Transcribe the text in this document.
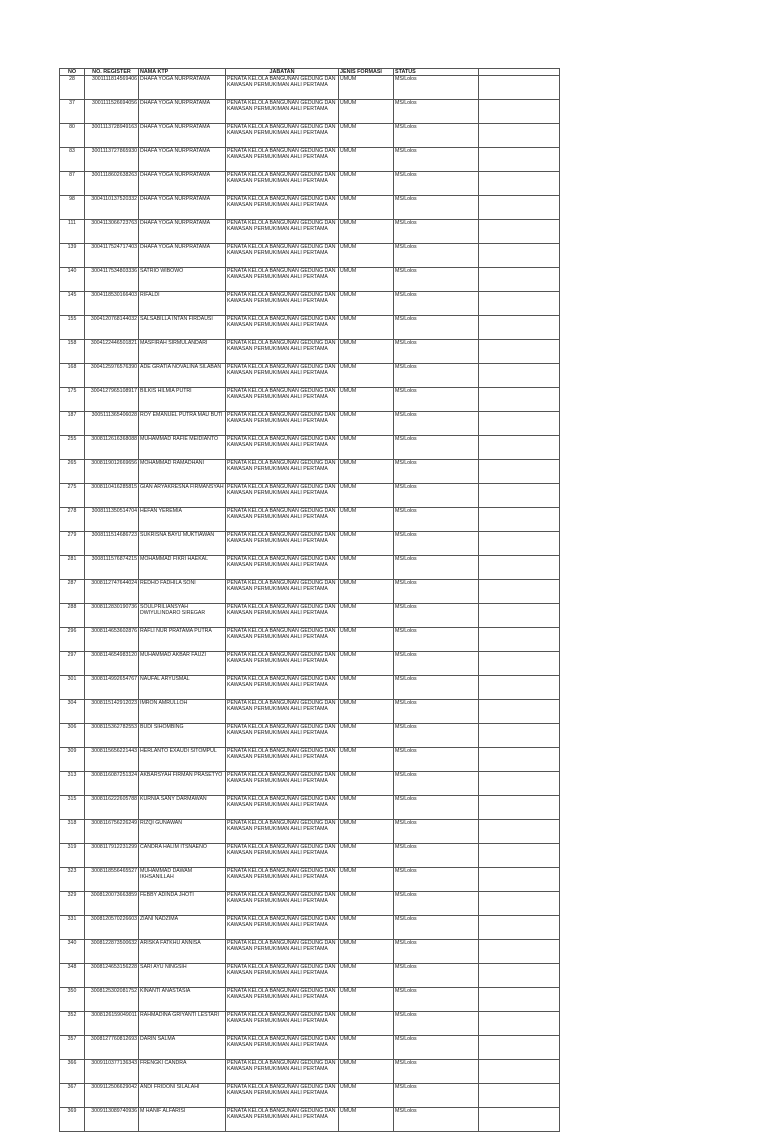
NO	NO. REGISTER	NAMA KTP	JABATAN	JENIS FORMASI	STATUS	
28	3001111814569406	DHAFA YOGA NURPRATAMA	PENATA KELOLA BANGUNAN GEDUNG DAN KAWASAN PERMUKIMAN AHLI PERTAMA	UMUM	MS/Lolos	
37	3001111526694056	DHAFA YOGA NURPRATAMA	PENATA KELOLA BANGUNAN GEDUNG DAN KAWASAN PERMUKIMAN AHLI PERTAMA	UMUM	MS/Lolos	
80	3001113728949163	DHAFA YOGA NURPRATAMA	PENATA KELOLA BANGUNAN GEDUNG DAN KAWASAN PERMUKIMAN AHLI PERTAMA	UMUM	MS/Lolos	
83	3001113727865930	DHAFA YOGA NURPRATAMA	PENATA KELOLA BANGUNAN GEDUNG DAN KAWASAN PERMUKIMAN AHLI PERTAMA	UMUM	MS/Lolos	
87	3001118602638263	DHAFA YOGA NURPRATAMA	PENATA KELOLA BANGUNAN GEDUNG DAN KAWASAN PERMUKIMAN AHLI PERTAMA	UMUM	MS/Lolos	
98	3004110137520332	DHAFA YOGA NURPRATAMA	PENATA KELOLA BANGUNAN GEDUNG DAN KAWASAN PERMUKIMAN AHLI PERTAMA	UMUM	MS/Lolos	
111	3004113066723763	DHAFA YOGA NURPRATAMA	PENATA KELOLA BANGUNAN GEDUNG DAN KAWASAN PERMUKIMAN AHLI PERTAMA	UMUM	MS/Lolos	
139	3004117524717403	DHAFA YOGA NURPRATAMA	PENATA KELOLA BANGUNAN GEDUNG DAN KAWASAN PERMUKIMAN AHLI PERTAMA	UMUM	MS/Lolos	
140	3004117534803336	SATRIO WIBOWO	PENATA KELOLA BANGUNAN GEDUNG DAN KAWASAN PERMUKIMAN AHLI PERTAMA	UMUM	MS/Lolos	
145	3004118530166403	RIFALDI	PENATA KELOLA BANGUNAN GEDUNG DAN KAWASAN PERMUKIMAN AHLI PERTAMA	UMUM	MS/Lolos	
155	3004120768144032	SALSABILLA INTAN FIRDAUSI	PENATA KELOLA BANGUNAN GEDUNG DAN KAWASAN PERMUKIMAN AHLI PERTAMA	UMUM	MS/Lolos	
158	3004122446501821	MASFIRAH SIRMULANDARI	PENATA KELOLA BANGUNAN GEDUNG DAN KAWASAN PERMUKIMAN AHLI PERTAMA	UMUM	MS/Lolos	
168	3004125976576390	ADE GRATIA NOVALINA SILABAN	PENATA KELOLA BANGUNAN GEDUNG DAN KAWASAN PERMUKIMAN AHLI PERTAMA	UMUM	MS/Lolos	
175	3004127965108917	BILKIS HILMIA PUTRI	PENATA KELOLA BANGUNAN GEDUNG DAN KAWASAN PERMUKIMAN AHLI PERTAMA	UMUM	MS/Lolos	
187	3005111365406028	ROY EMANUEL PUTRA MAU BUTI	PENATA KELOLA BANGUNAN GEDUNG DAN KAWASAN PERMUKIMAN AHLI PERTAMA	UMUM	MS/Lolos	
255	3008112616368088	MUHAMMAD RAFIE MEIDIANTO	PENATA KELOLA BANGUNAN GEDUNG DAN KAWASAN PERMUKIMAN AHLI PERTAMA	UMUM	MS/Lolos	
265	3008119012669656	MOHAMMAD RAMADHANI	PENATA KELOLA BANGUNAN GEDUNG DAN KAWASAN PERMUKIMAN AHLI PERTAMA	UMUM	MS/Lolos	
275	3008110416285815	GIAN ARYAKRESNA FIRMANSYAH	PENATA KELOLA BANGUNAN GEDUNG DAN KAWASAN PERMUKIMAN AHLI PERTAMA	UMUM	MS/Lolos	
278	3008111350514704	HEFAN YEREMIA	PENATA KELOLA BANGUNAN GEDUNG DAN KAWASAN PERMUKIMAN AHLI PERTAMA	UMUM	MS/Lolos	
279	3008111514686723	SUKRISNA BAYU MUKTIAWAN	PENATA KELOLA BANGUNAN GEDUNG DAN KAWASAN PERMUKIMAN AHLI PERTAMA	UMUM	MS/Lolos	
281	3008111576874215	MOHAMMAD FIKRI HAEKAL	PENATA KELOLA BANGUNAN GEDUNG DAN KAWASAN PERMUKIMAN AHLI PERTAMA	UMUM	MS/Lolos	
287	3008112747644024	REDHO FADHILA SONI	PENATA KELOLA BANGUNAN GEDUNG DAN KAWASAN PERMUKIMAN AHLI PERTAMA	UMUM	MS/Lolos	
288	3008112830190736	SOULPRILIANSYAH DWIYULINDARO SIREGAR	PENATA KELOLA BANGUNAN GEDUNG DAN KAWASAN PERMUKIMAN AHLI PERTAMA	UMUM	MS/Lolos	
296	3008114653602876	RAFLI NUR PRATAMA PUTRA	PENATA KELOLA BANGUNAN GEDUNG DAN KAWASAN PERMUKIMAN AHLI PERTAMA	UMUM	MS/Lolos	
297	3008114654983120	MUHAMMAD AKBAR FAUZI	PENATA KELOLA BANGUNAN GEDUNG DAN KAWASAN PERMUKIMAN AHLI PERTAMA	UMUM	MS/Lolos	
301	3008114992654767	NAUFAL ARYUSMAL	PENATA KELOLA BANGUNAN GEDUNG DAN KAWASAN PERMUKIMAN AHLI PERTAMA	UMUM	MS/Lolos	
304	3008115142912023	IMRON AMRULLOH	PENATA KELOLA BANGUNAN GEDUNG DAN KAWASAN PERMUKIMAN AHLI PERTAMA	UMUM	MS/Lolos	
306	3008115362782553	BUDI SIHOMBING	PENATA KELOLA BANGUNAN GEDUNG DAN KAWASAN PERMUKIMAN AHLI PERTAMA	UMUM	MS/Lolos	
309	3008115656221443	HERLANTO EXAUDI SITOMPUL	PENATA KELOLA BANGUNAN GEDUNG DAN KAWASAN PERMUKIMAN AHLI PERTAMA	UMUM	MS/Lolos	
313	3008116087251324	AKBARSYAH FIRMAN PRASETYO	PENATA KELOLA BANGUNAN GEDUNG DAN KAWASAN PERMUKIMAN AHLI PERTAMA	UMUM	MS/Lolos	
315	3008116222605788	KURNIA SANY DARMAWAN	PENATA KELOLA BANGUNAN GEDUNG DAN KAWASAN PERMUKIMAN AHLI PERTAMA	UMUM	MS/Lolos	
318	3008116756226249	RIZQI GUNAWAN	PENATA KELOLA BANGUNAN GEDUNG DAN KAWASAN PERMUKIMAN AHLI PERTAMA	UMUM	MS/Lolos	
319	3008117912231299	CANDRA HALIM ITSNAENO	PENATA KELOLA BANGUNAN GEDUNG DAN KAWASAN PERMUKIMAN AHLI PERTAMA	UMUM	MS/Lolos	
323	3008118556465527	MUHAMMAD DAWAM IKHSANILLAH	PENATA KELOLA BANGUNAN GEDUNG DAN KAWASAN PERMUKIMAN AHLI PERTAMA	UMUM	MS/Lolos	
329	3008120073663859	FEBBY ADINDA JHOTI	PENATA KELOLA BANGUNAN GEDUNG DAN KAWASAN PERMUKIMAN AHLI PERTAMA	UMUM	MS/Lolos	
331	3008120570226603	ZIANI NADZIMA	PENATA KELOLA BANGUNAN GEDUNG DAN KAWASAN PERMUKIMAN AHLI PERTAMA	UMUM	MS/Lolos	
340	3008122873500632	ARISKA FATKHU ANNISA	PENATA KELOLA BANGUNAN GEDUNG DAN KAWASAN PERMUKIMAN AHLI PERTAMA	UMUM	MS/Lolos	
348	3008124653156228	SARI AYU NINGSIH	PENATA KELOLA BANGUNAN GEDUNG DAN KAWASAN PERMUKIMAN AHLI PERTAMA	UMUM	MS/Lolos	
350	3008125302081752	KINANTI ANASTASIA	PENATA KELOLA BANGUNAN GEDUNG DAN KAWASAN PERMUKIMAN AHLI PERTAMA	UMUM	MS/Lolos	
352	3008126159049011	RAHMADINA GRIYANTI LESTARI	PENATA KELOLA BANGUNAN GEDUNG DAN KAWASAN PERMUKIMAN AHLI PERTAMA	UMUM	MS/Lolos	
357	3008127760812693	DARIN SALMA	PENATA KELOLA BANGUNAN GEDUNG DAN KAWASAN PERMUKIMAN AHLI PERTAMA	UMUM	MS/Lolos	
366	3009110377136343	FRENGKI CANDRA	PENATA KELOLA BANGUNAN GEDUNG DAN KAWASAN PERMUKIMAN AHLI PERTAMA	UMUM	MS/Lolos	
367	3009112506629042	ANDI FRIDONI SILALAHI	PENATA KELOLA BANGUNAN GEDUNG DAN KAWASAN PERMUKIMAN AHLI PERTAMA	UMUM	MS/Lolos	
369	3009113089740936	M HANIF ALFARISI	PENATA KELOLA BANGUNAN GEDUNG DAN KAWASAN PERMUKIMAN AHLI PERTAMA	UMUM	MS/Lolos	
